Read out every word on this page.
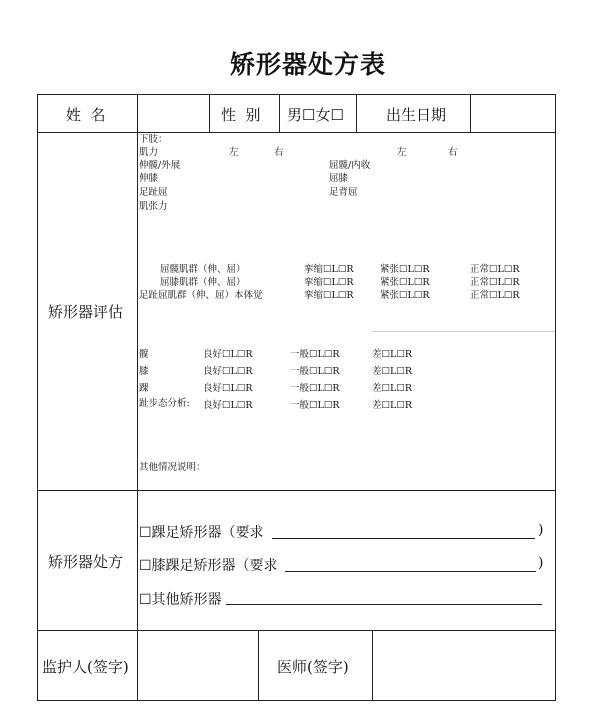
矫形器处方表
姓  名	性  别 男☐女☐	出生日期
矫形器评估
下肢：
肌力	左	右	左	右
伸髋/外展	屈髋/内收
伸膝	屈膝
足趾屈	足背屈
肌张力
屈髋肌群（伸、屈）	挛缩☐L☐R	紧张☐L☐R	正常☐L☐R
屈膝肌群（伸、屈）	挛缩☐L☐R	紧张☐L☐R	正常☐L☐R
足趾屈肌群（伸、屈）本体觉	挛缩☐L☐R	紧张☐L☐R	正常☐L☐R
髋	良好☐L☐R	一般☐L☐R	差☐L☐R
膝	良好☐L☐R	一般☐L☐R	差☐L☐R
踝	良好☐L☐R	一般☐L☐R	差☐L☐R
趾步态分析: 良好☐L☐R	一般☐L☐R	差☐L☐R
其他情况说明：
矫形器处方
☐踝足矫形器（要求	)
☐膝踝足矫形器（要求	)
☐其他矫形器
监护人(签字)	医师(签字)
